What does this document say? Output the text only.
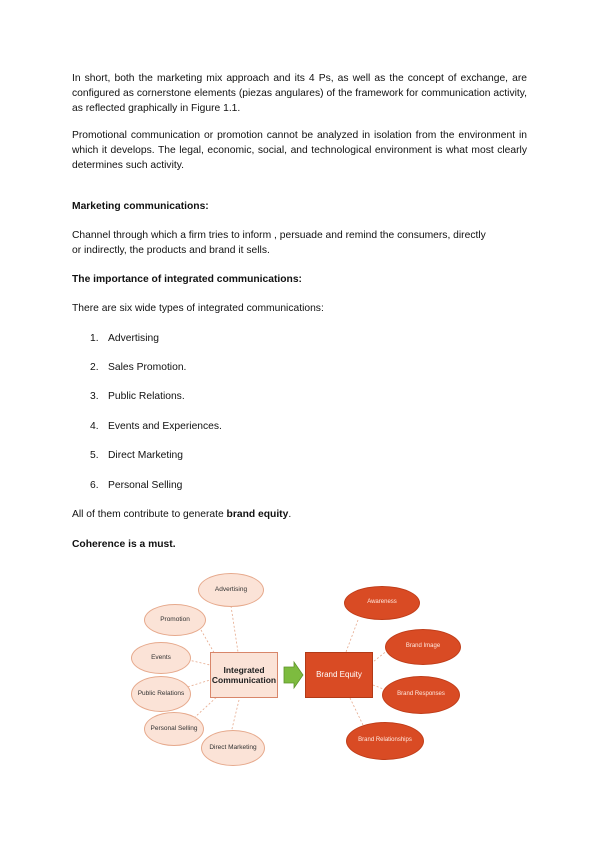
In short, both the marketing mix approach and its 4 Ps, as well as the concept of exchange, are configured as cornerstone elements (piezas angulares) of the framework for communication activity, as reflected graphically in Figure 1.1.

Promotional communication or promotion cannot be analyzed in isolation from the environment in which it develops. The legal, economic, social, and technological environment is what most clearly determines such activity.

Marketing communications:

Channel through which a firm tries to inform , persuade and remind the consumers, directly
or indirectly, the products and brand it sells.

The importance of integrated communications:

There are six wide types of integrated communications:

1. Advertising
2. Sales Promotion.
3. Public Relations.
4. Events and Experiences.
5. Direct Marketing
6. Personal Selling

All of them contribute to generate brand equity.

Coherence is a must.

Advertising
Promotion
Events
Public Relations
Personal Selling
Direct Marketing
Integrated Communication
Brand Equity
Awareness
Brand Image
Brand Responses
Brand Relationships
